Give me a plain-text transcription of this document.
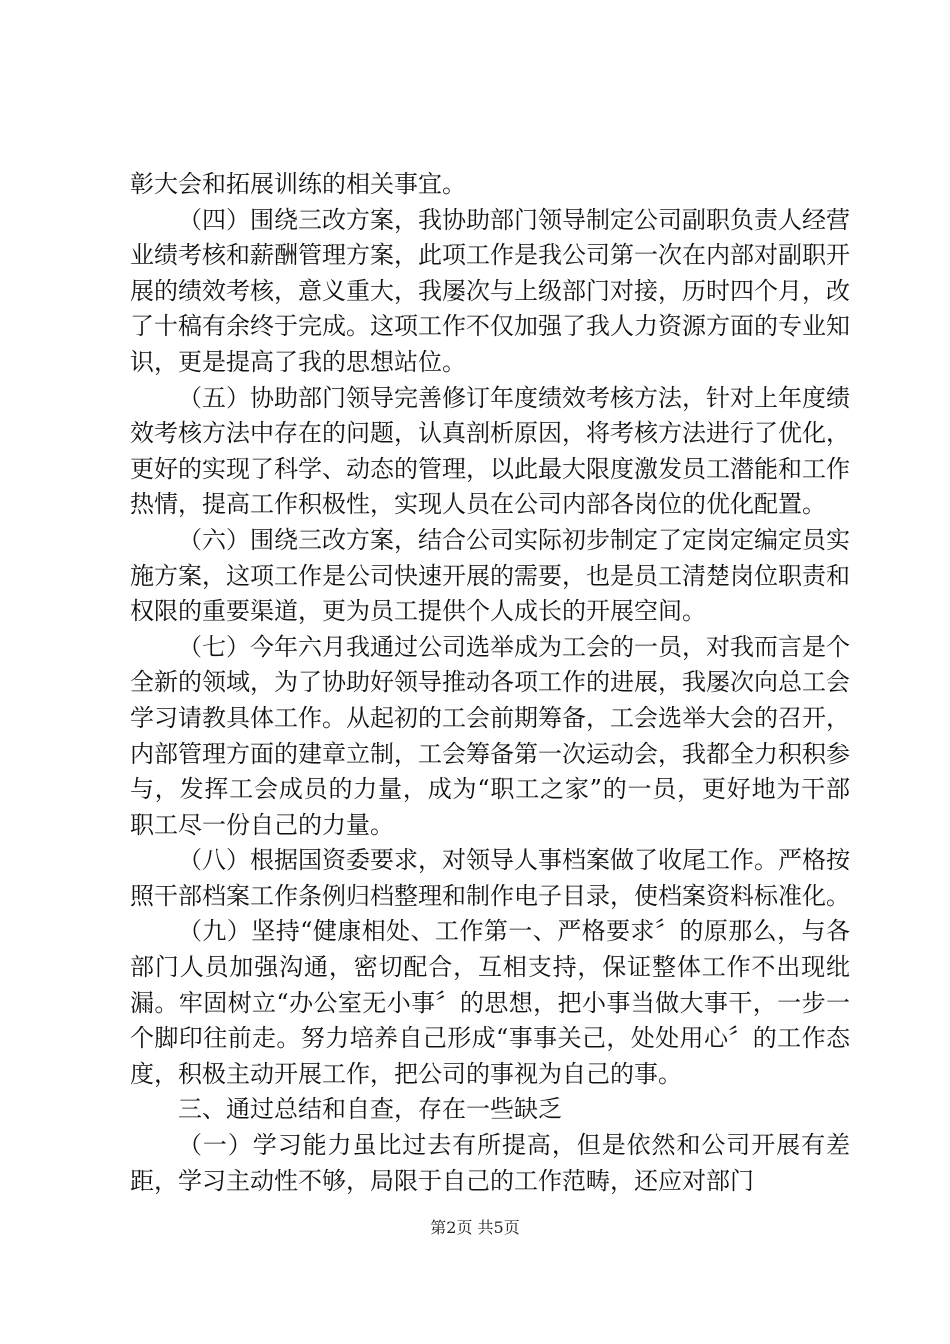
彰大会和拓展训练的相关事宜。

（四）围绕三改方案，我协助部门领导制定公司副职负责人经营业绩考核和薪酬管理方案，此项工作是我公司第一次在内部对副职开展的绩效考核，意义重大，我屡次与上级部门对接，历时四个月，改了十稿有余终于完成。这项工作不仅加强了我人力资源方面的专业知识，更是提高了我的思想站位。

（五）协助部门领导完善修订年度绩效考核方法，针对上年度绩效考核方法中存在的问题，认真剖析原因，将考核方法进行了优化，更好的实现了科学、动态的管理，以此最大限度激发员工潜能和工作热情，提高工作积极性，实现人员在公司内部各岗位的优化配置。

（六）围绕三改方案，结合公司实际初步制定了定岗定编定员实施方案，这项工作是公司快速开展的需要，也是员工清楚岗位职责和权限的重要渠道，更为员工提供个人成长的开展空间。

（七）今年六月我通过公司选举成为工会的一员，对我而言是个全新的领域，为了协助好领导推动各项工作的进展，我屡次向总工会学习请教具体工作。从起初的工会前期筹备，工会选举大会的召开，内部管理方面的建章立制，工会筹备第一次运动会，我都全力积积参与，发挥工会成员的力量，成为“职工之家”的一员，更好地为干部职工尽一份自己的力量。

（八）根据国资委要求，对领导人事档案做了收尾工作。严格按照干部档案工作条例归档整理和制作电子目录，使档案资料标准化。

（九）坚持“健康相处、工作第一、严格要求〞的原那么，与各部门人员加强沟通，密切配合，互相支持，保证整体工作不出现纰漏。牢固树立“办公室无小事〞的思想，把小事当做大事干，一步一个脚印往前走。努力培养自己形成“事事关己，处处用心〞的工作态度，积极主动开展工作，把公司的事视为自己的事。

三、通过总结和自查，存在一些缺乏

（一）学习能力虽比过去有所提高，但是依然和公司开展有差距，学习主动性不够，局限于自己的工作范畴，还应对部门

第2页 共5页
